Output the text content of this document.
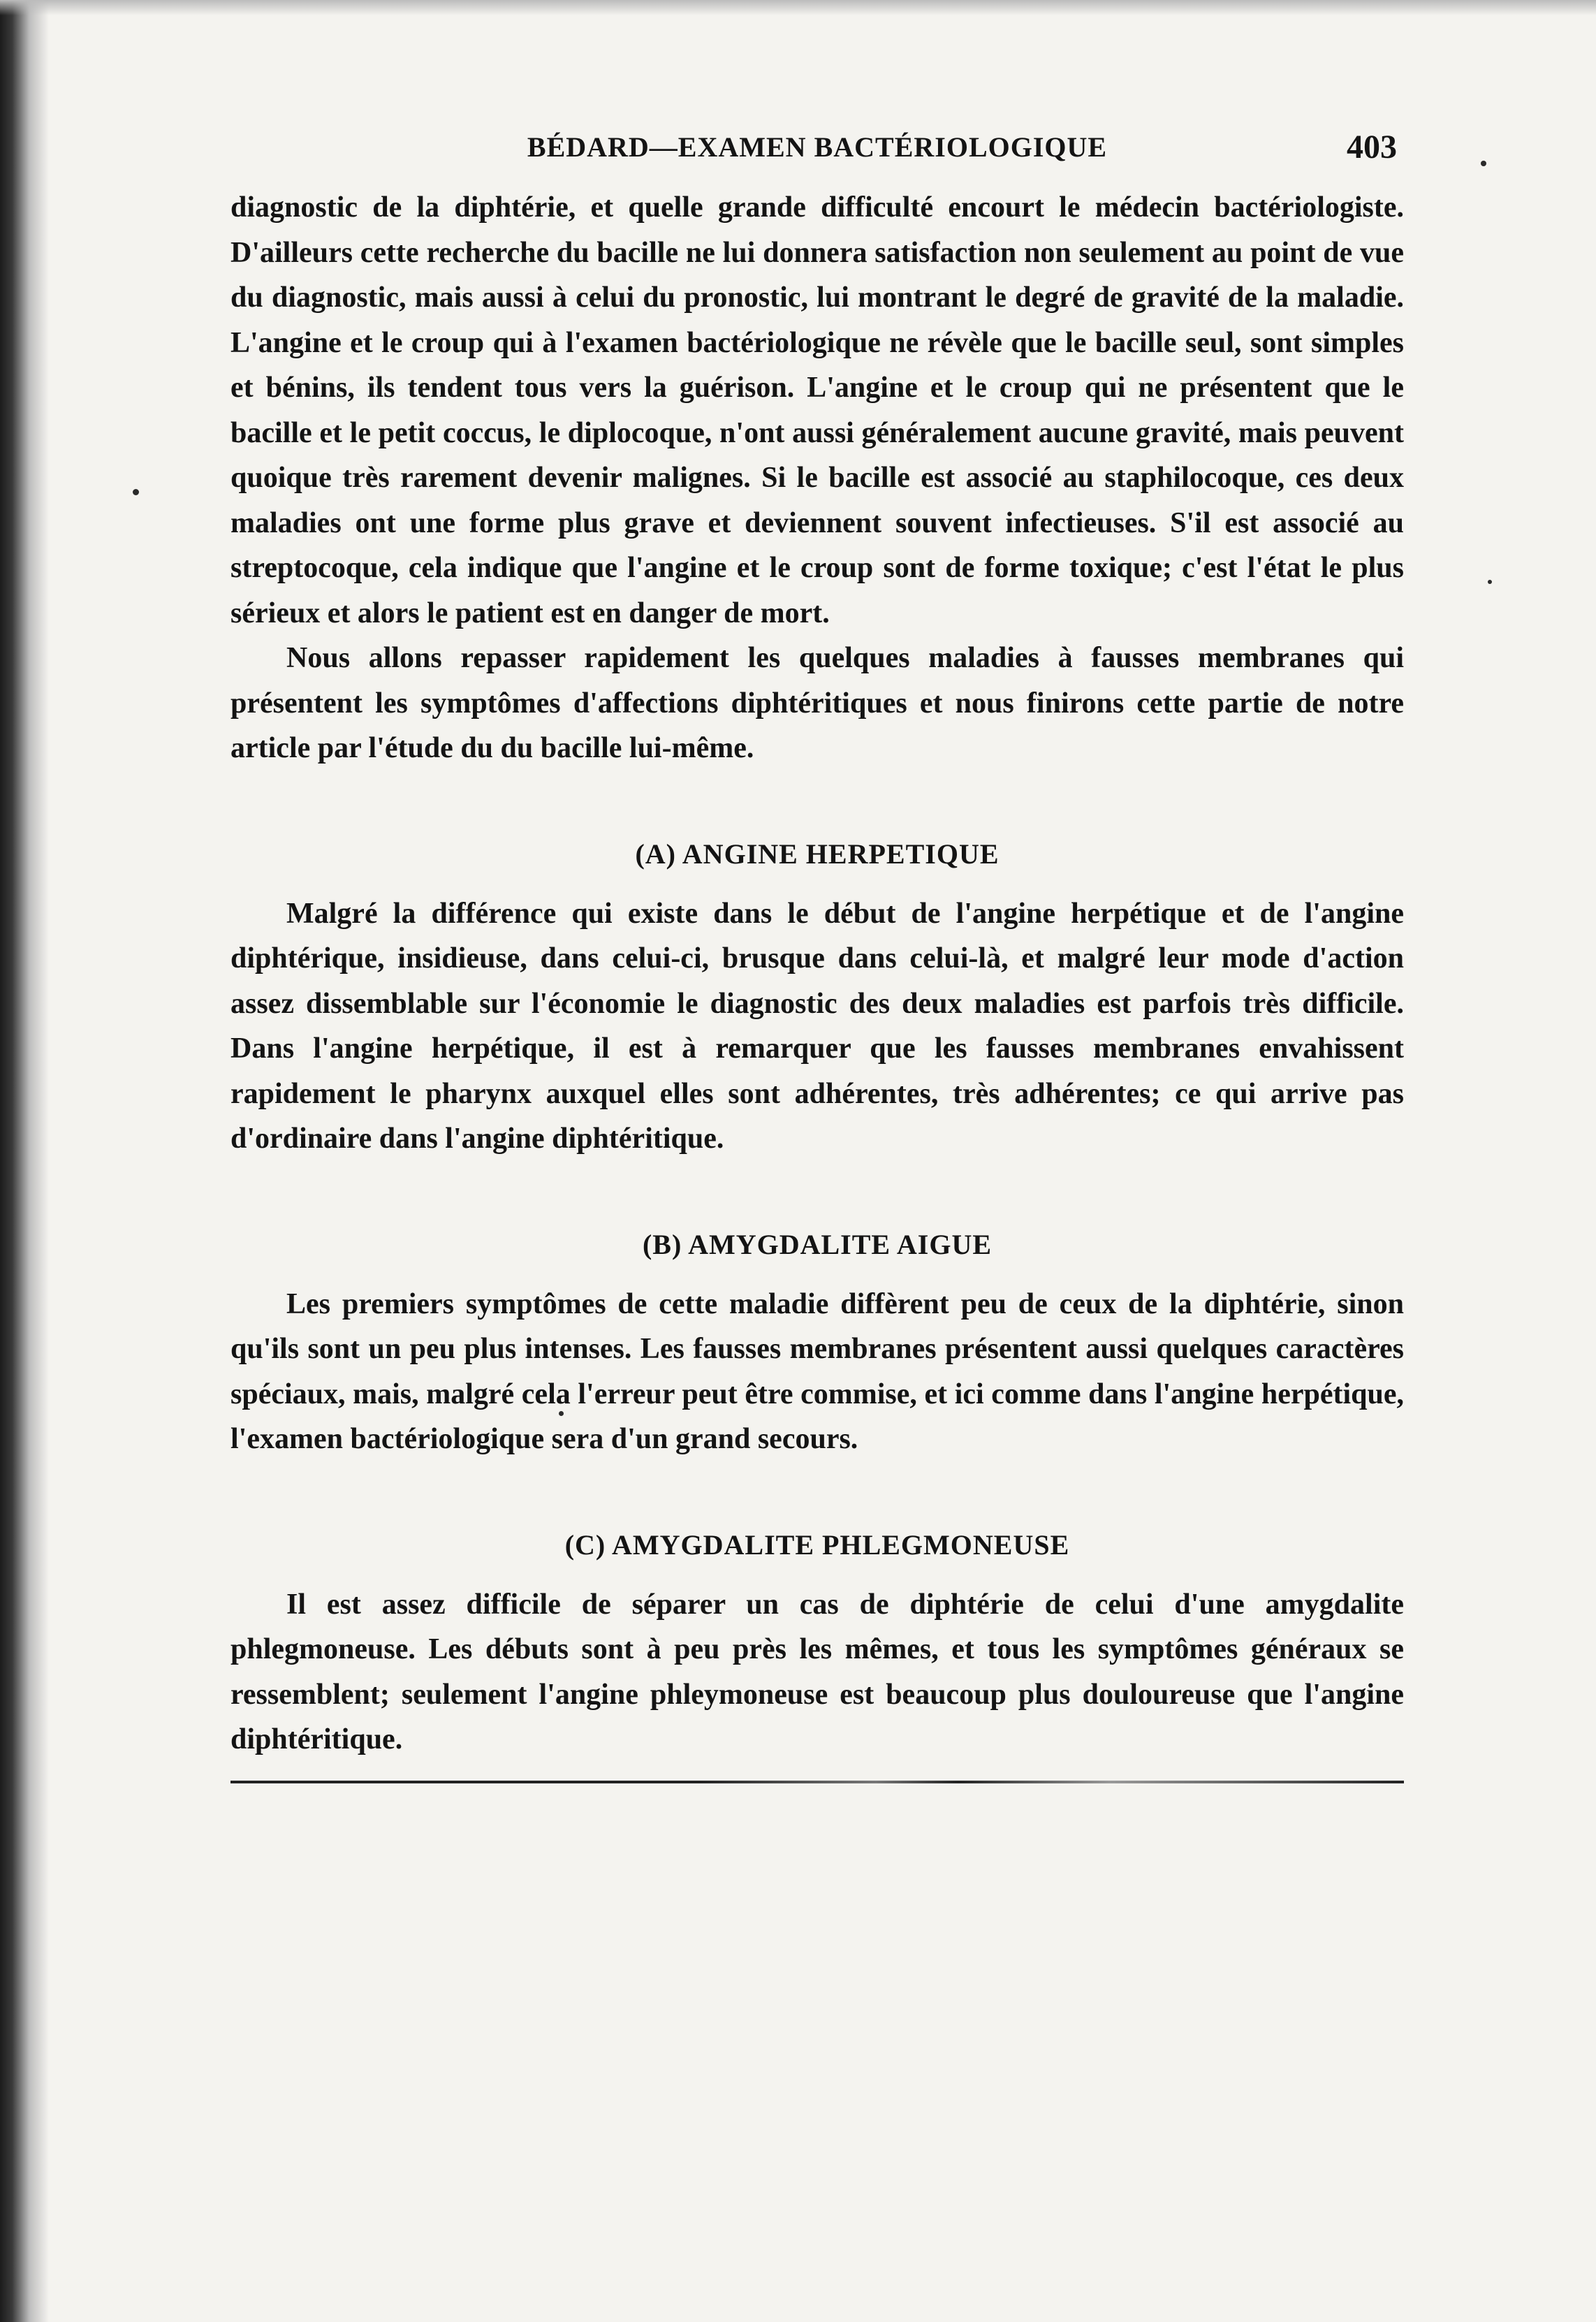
BÉDARD—EXAMEN BACTÉRIOLOGIQUE	403

diagnostic de la diphtérie, et quelle grande difficulté encourt le médecin bactériologiste. D'ailleurs cette recherche du bacille ne lui donnera satisfaction non seulement au point de vue du diagnostic, mais aussi à celui du pronostic, lui montrant le degré de gravité de la maladie. L'angine et le croup qui à l'examen bactériologique ne révèle que le bacille seul, sont simples et bénins, ils tendent tous vers la guérison. L'angine et le croup qui ne présentent que le bacille et le petit coccus, le diplocoque, n'ont aussi généralement aucune gravité, mais peuvent quoique très rarement devenir malignes. Si le bacille est associé au staphilocoque, ces deux maladies ont une forme plus grave et deviennent souvent infectieuses. S'il est associé au streptocoque, cela indique que l'angine et le croup sont de forme toxique; c'est l'état le plus sérieux et alors le patient est en danger de mort.

Nous allons repasser rapidement les quelques maladies à fausses membranes qui présentent les symptômes d'affections diphtéritiques et nous finirons cette partie de notre article par l'étude du du bacille lui-même.

(A) ANGINE HERPETIQUE

Malgré la différence qui existe dans le début de l'angine herpétique et de l'angine diphtérique, insidieuse, dans celui-ci, brusque dans celui-là, et malgré leur mode d'action assez dissemblable sur l'économie le diagnostic des deux maladies est parfois très difficile. Dans l'angine herpétique, il est à remarquer que les fausses membranes envahissent rapidement le pharynx auxquel elles sont adhérentes, très adhérentes; ce qui arrive pas d'ordinaire dans l'angine diphtéritique.

(B) AMYGDALITE AIGUE

Les premiers symptômes de cette maladie diffèrent peu de ceux de la diphtérie, sinon qu'ils sont un peu plus intenses. Les fausses membranes présentent aussi quelques caractères spéciaux, mais, malgré cela l'erreur peut être commise, et ici comme dans l'angine herpétique, l'examen bactériologique sera d'un grand secours.

(C) AMYGDALITE PHLEGMONEUSE

Il est assez difficile de séparer un cas de diphtérie de celui d'une amygdalite phlegmoneuse. Les débuts sont à peu près les mêmes, et tous les symptômes généraux se ressemblent; seulement l'angine phleymoneuse est beaucoup plus douloureuse que l'angine diphtéritique.
